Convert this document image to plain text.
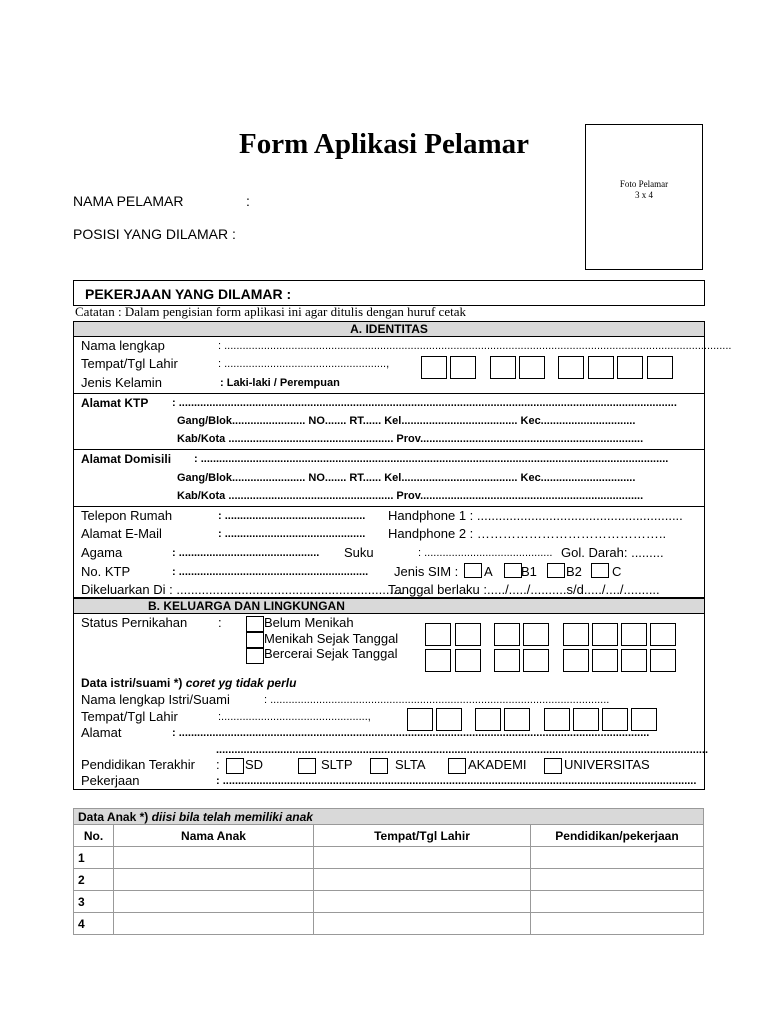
Form Aplikasi Pelamar
Foto Pelamar
3 x 4
NAMA PELAMAR	:
POSISI YANG DILAMAR :
PEKERJAAN YANG DILAMAR :
Catatan : Dalam pengisian form aplikasi ini agar ditulis dengan huruf cetak
A. IDENTITAS
Nama lengkap	: ......................................................................................................................................................................
Tempat/Tgl Lahir	: .....................................................,
Jenis Kelamin	: Laki-laki / Perempuan
Alamat KTP : ...................................................................................................................................................................
Gang/Blok........................ NO....... RT...... Kel...................................... Kec...............................
Kab/Kota ...................................................... Prov.........................................................................
Alamat Domisili : .........................................................................................................................................................
Gang/Blok........................ NO....... RT...... Kel...................................... Kec...............................
Kab/Kota ...................................................... Prov.........................................................................
Telepon Rumah	: .............................................. Handphone 1 : .........................................................
Alamat E-Mail	: .............................................. Handphone 2 : ……………………………………..
Agama	: .............................................. Suku	: .......................................... Gol. Darah: .........
No. KTP	: .............................................................. Jenis SIM : A B1 B2 C
Dikeluarkan Di : ...............................................................
Tanggal berlaku :...../...../..........s/d...../..../..........
B. KELUARGA DAN LINGKUNGAN
Status Pernikahan :	Belum Menikah
Menikah Sejak Tanggal
Bercerai Sejak Tanggal
Data istri/suami *) coret yg tidak perlu
Nama lengkap Istri/Suami	: ...............................................................................................................
Tempat/Tgl Lahir	:................................................,
Alamat	: ..........................................................................................................................................................
.................................................................................................................................................................
Pendidikan Terakhir : SD	SLTP	SLTA	AKADEMI	UNIVERSITAS
Pekerjaan	: ...........................................................................................................................................................
Data Anak *) diisi bila telah memiliki anak			
No.	Nama Anak	Tempat/Tgl Lahir	Pendidikan/pekerjaan
1			
2			
3			
4			
